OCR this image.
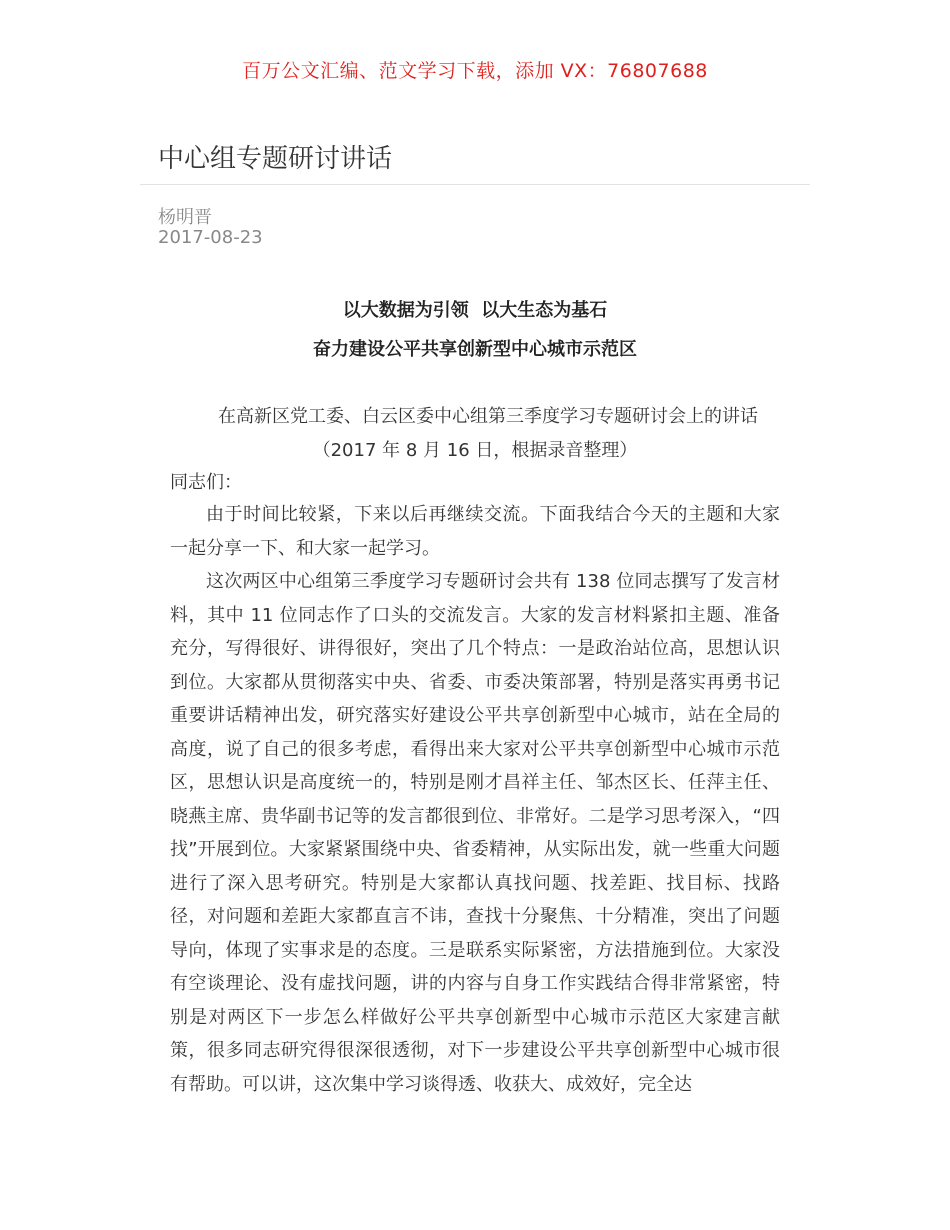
百万公文汇编、范文学习下载，添加 VX：76807688
中心组专题研讨讲话
杨明晋
2017-08-23
以大数据为引领  以大生态为基石
奋力建设公平共享创新型中心城市示范区
在高新区党工委、白云区委中心组第三季度学习专题研讨会上的讲话
（2017 年 8 月 16 日，根据录音整理）
同志们：

由于时间比较紧，下来以后再继续交流。下面我结合今天的主题和大家一起分享一下、和大家一起学习。

这次两区中心组第三季度学习专题研讨会共有 138 位同志撰写了发言材料，其中 11 位同志作了口头的交流发言。大家的发言材料紧扣主题、准备充分，写得很好、讲得很好，突出了几个特点：一是政治站位高，思想认识到位。大家都从贯彻落实中央、省委、市委决策部署，特别是落实再勇书记重要讲话精神出发，研究落实好建设公平共享创新型中心城市，站在全局的高度，说了自己的很多考虑，看得出来大家对公平共享创新型中心城市示范区，思想认识是高度统一的，特别是刚才昌祥主任、邹杰区长、任萍主任、晓燕主席、贵华副书记等的发言都很到位、非常好。二是学习思考深入，“四找”开展到位。大家紧紧围绕中央、省委精神，从实际出发，就一些重大问题进行了深入思考研究。特别是大家都认真找问题、找差距、找目标、找路径，对问题和差距大家都直言不讳，查找十分聚焦、十分精准，突出了问题导向，体现了实事求是的态度。三是联系实际紧密，方法措施到位。大家没有空谈理论、没有虚找问题，讲的内容与自身工作实践结合得非常紧密，特别是对两区下一步怎么样做好公平共享创新型中心城市示范区大家建言献策，很多同志研究得很深很透彻，对下一步建设公平共享创新型中心城市很有帮助。可以讲，这次集中学习谈得透、收获大、成效好，完全达
